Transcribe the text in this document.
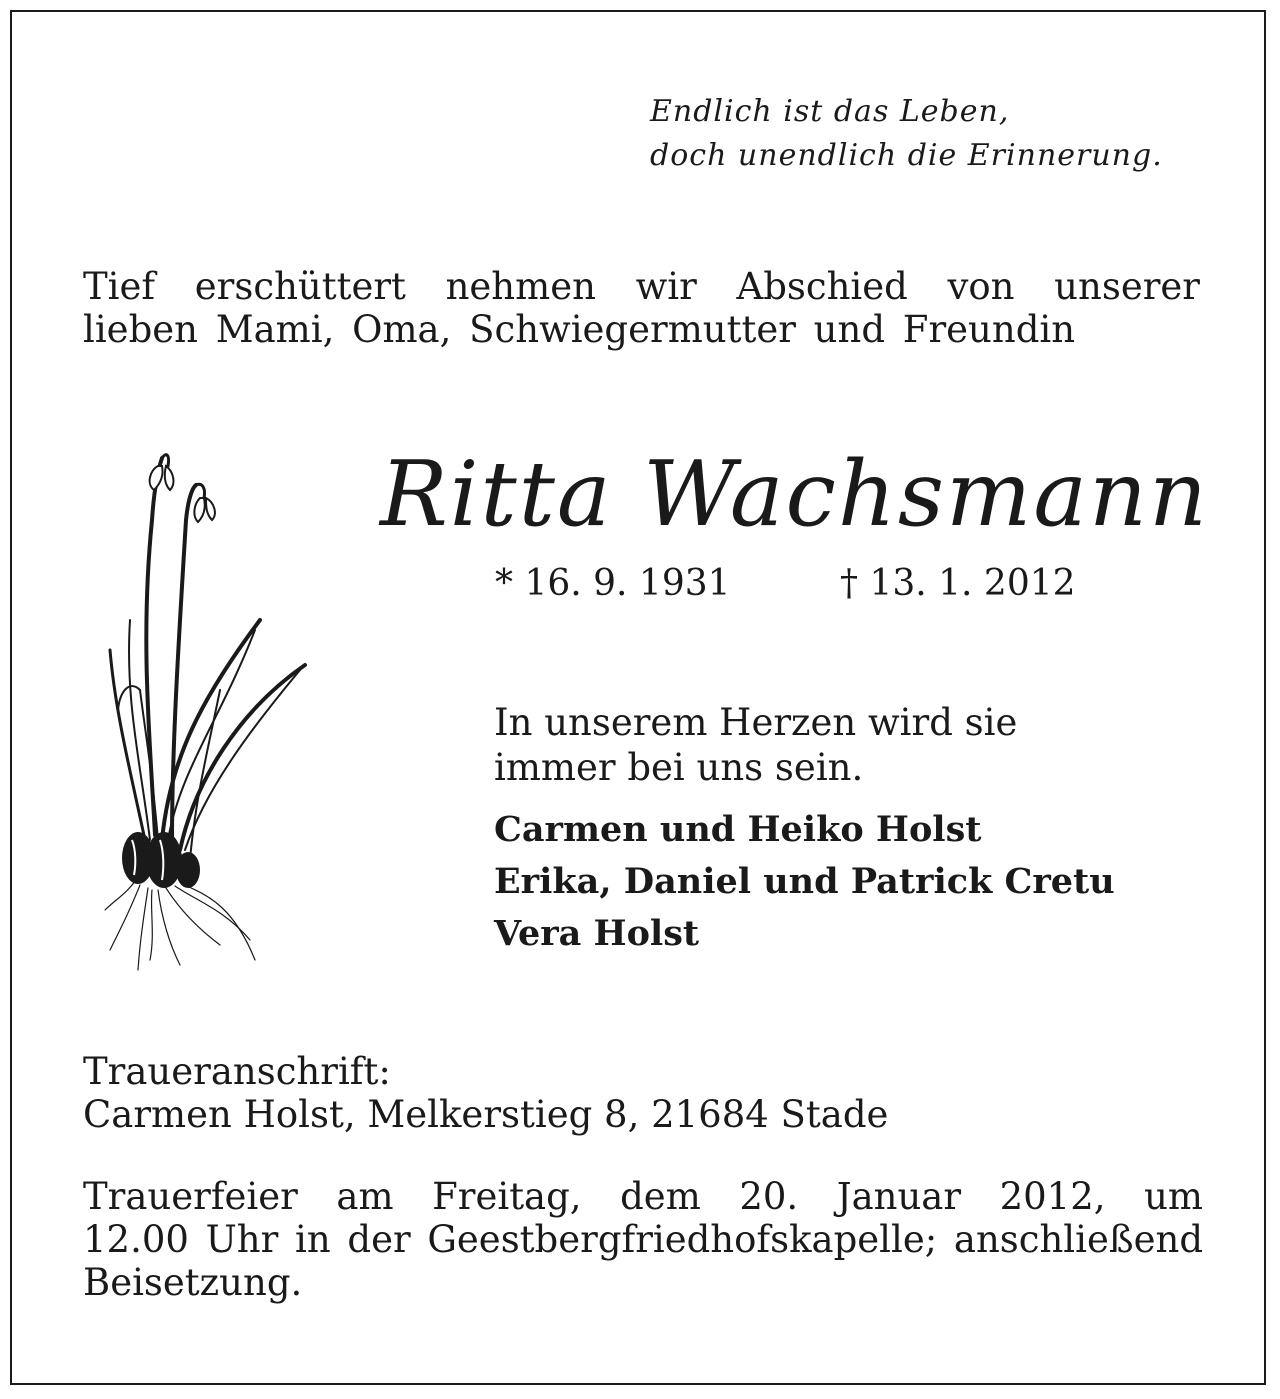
Endlich ist das Leben,
doch unendlich die Erinnerung.
Tief erschüttert nehmen wir Abschied von unserer
lieben Mami, Oma, Schwiegermutter und Freundin
Ritta Wachsmann
* 16. 9. 1931	† 13. 1. 2012
In unserem Herzen wird sie
immer bei uns sein.
Carmen und Heiko Holst
Erika, Daniel und Patrick Cretu
Vera Holst
Traueranschrift:
Carmen Holst, Melkerstieg 8, 21684 Stade
Trauerfeier am Freitag, dem 20. Januar 2012, um
12.00 Uhr in der Geestbergfriedhofskapelle; anschließend
Beisetzung.
